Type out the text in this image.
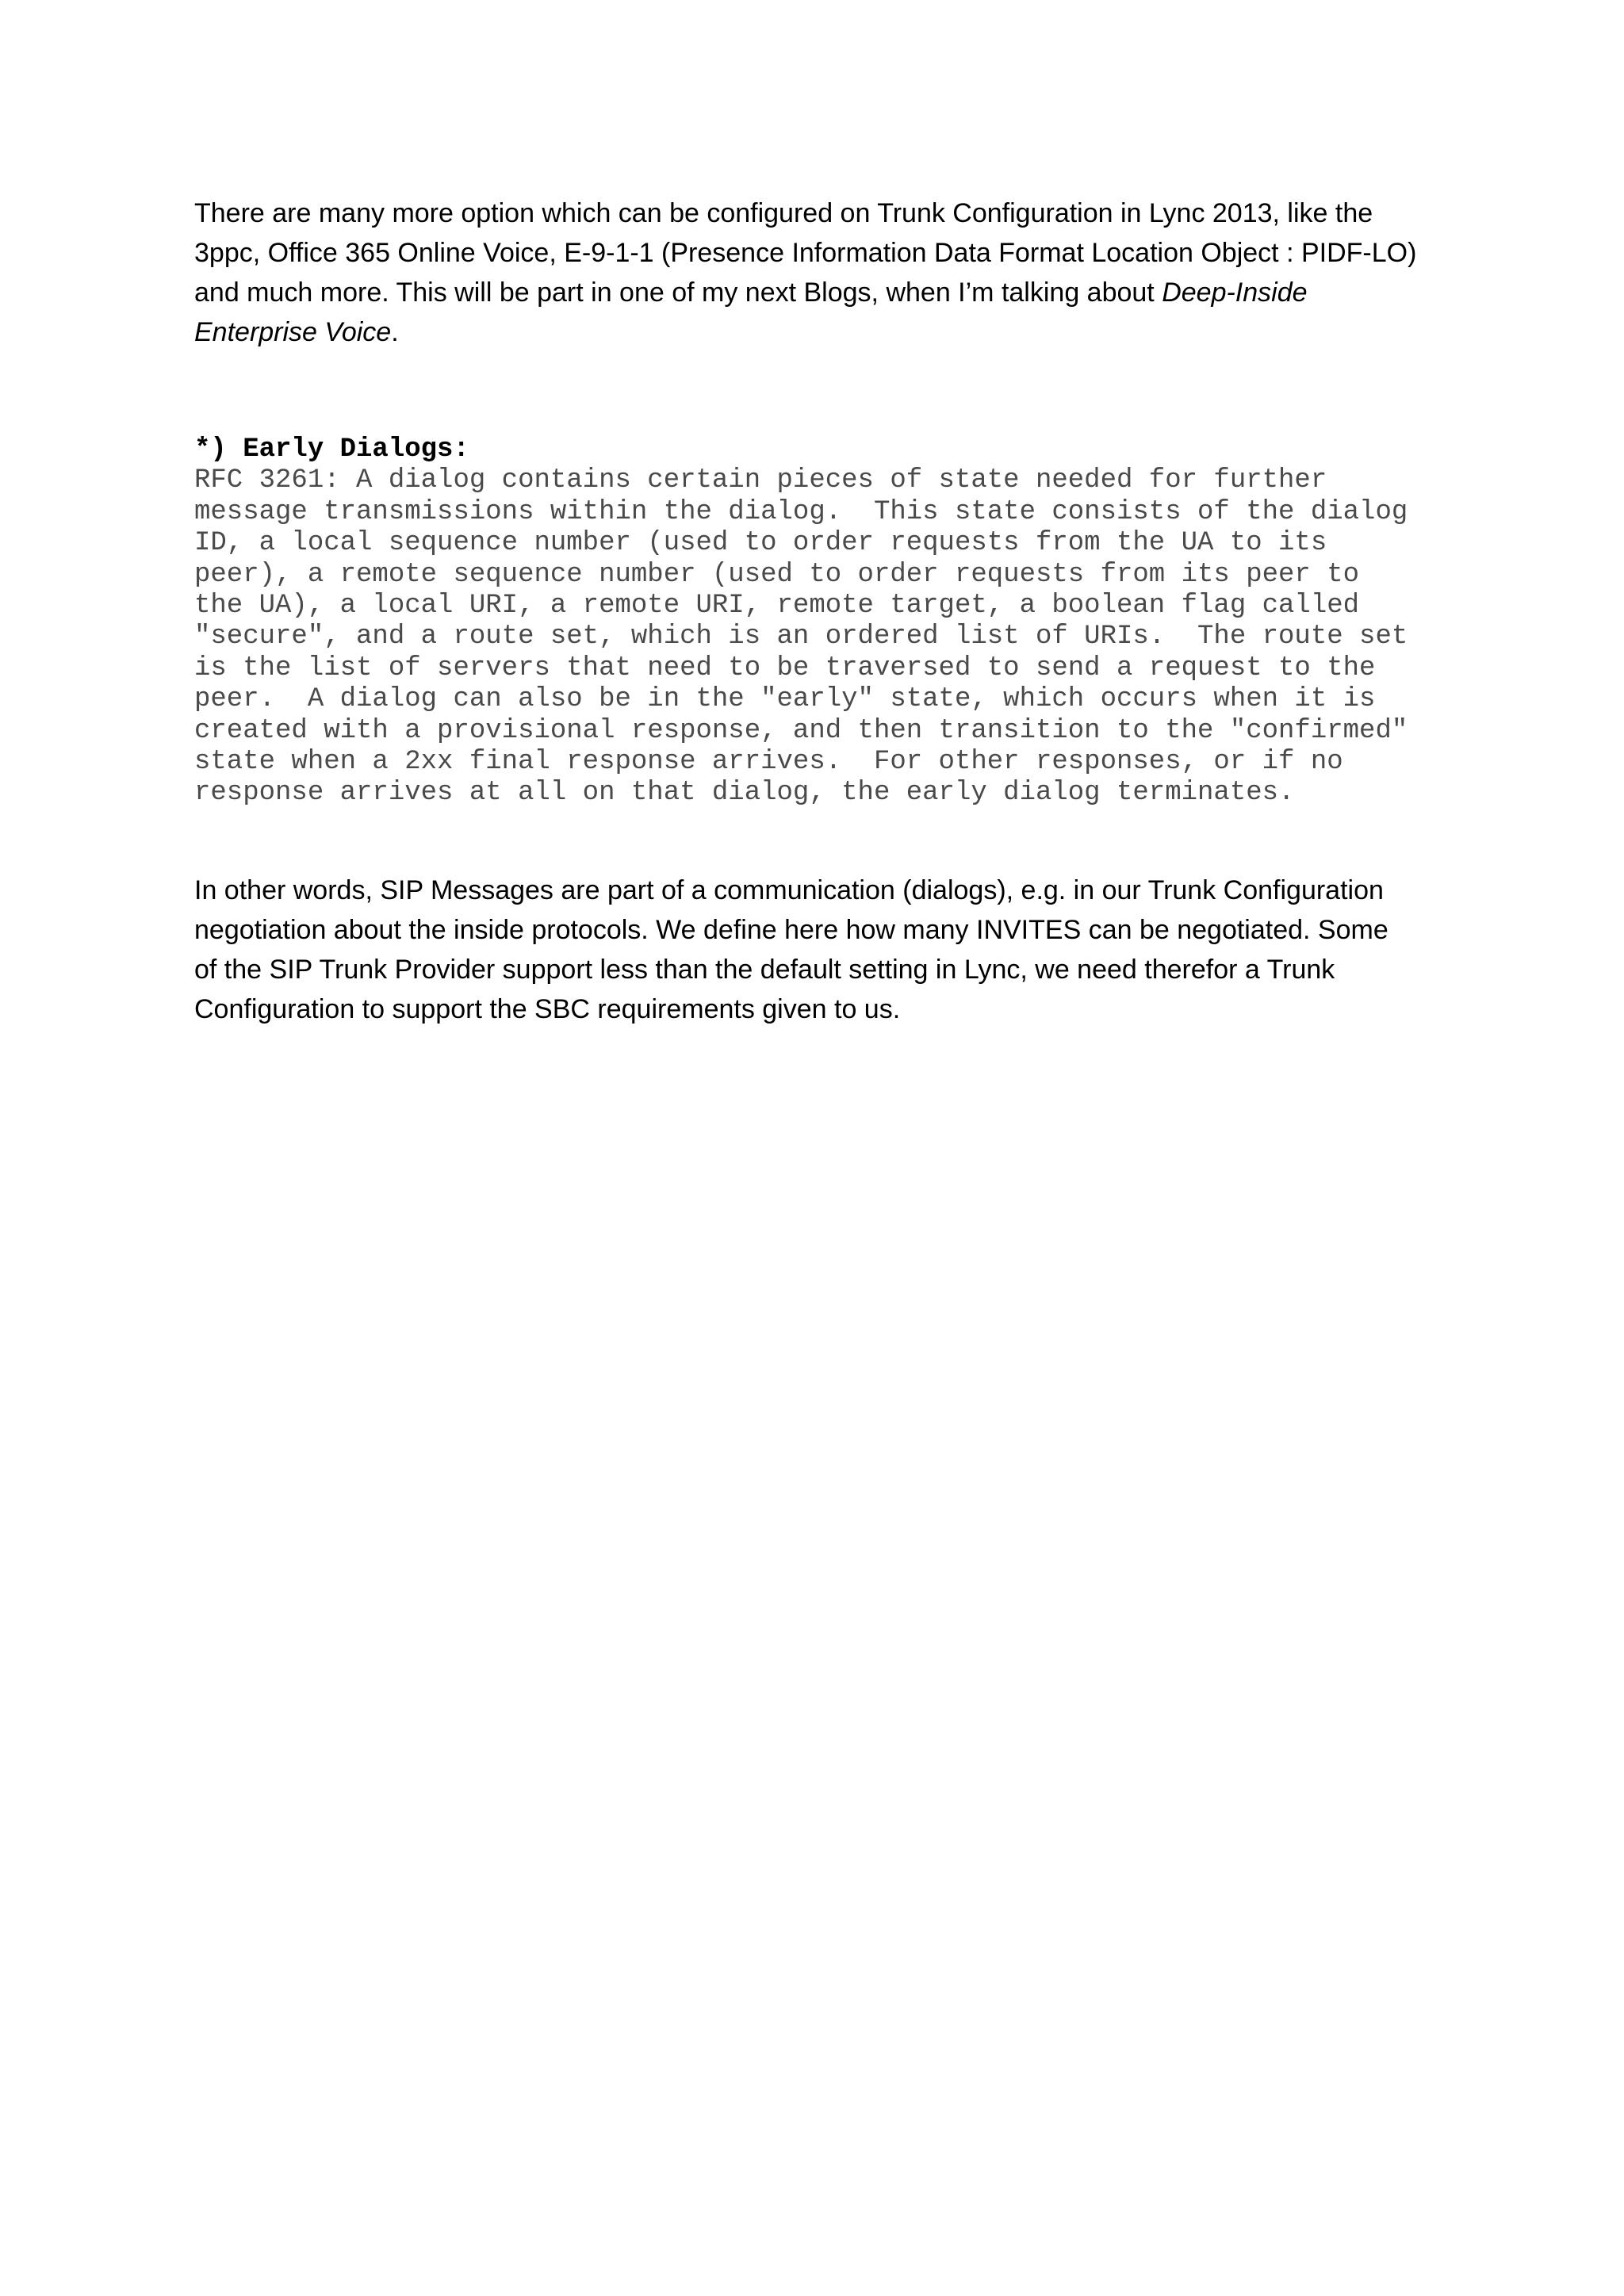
There are many more option which can be configured on Trunk Configuration in Lync 2013, like the
3ppc, Office 365 Online Voice, E-9-1-1 (Presence Information Data Format Location Object : PIDF-LO)
and much more. This will be part in one of my next Blogs, when I’m talking about Deep-Inside
Enterprise Voice.
*) Early Dialogs:
RFC 3261: A dialog contains certain pieces of state needed for further
message transmissions within the dialog.  This state consists of the dialog
ID, a local sequence number (used to order requests from the UA to its
peer), a remote sequence number (used to order requests from its peer to
the UA), a local URI, a remote URI, remote target, a boolean flag called
"secure", and a route set, which is an ordered list of URIs.  The route set
is the list of servers that need to be traversed to send a request to the
peer.  A dialog can also be in the "early" state, which occurs when it is
created with a provisional response, and then transition to the "confirmed"
state when a 2xx final response arrives.  For other responses, or if no
response arrives at all on that dialog, the early dialog terminates.
In other words, SIP Messages are part of a communication (dialogs), e.g. in our Trunk Configuration
negotiation about the inside protocols. We define here how many INVITES can be negotiated. Some
of the SIP Trunk Provider support less than the default setting in Lync, we need therefor a Trunk
Configuration to support the SBC requirements given to us.
